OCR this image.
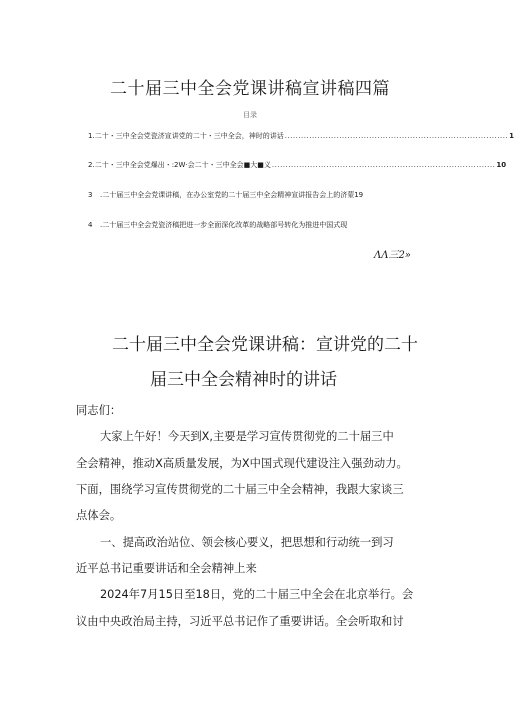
二十届三中全会党课讲稿宣讲稿四篇
目录
1 .二十・三中全会党瓷济宣讲党的二十・三中全会，神时的讲话 .................................................................................. 1
2 .二十・三中全会党爆出・:2W·会二十・三中全会■大■义 .................................................................................. 10
3	.二十届三中全会党课讲稿，在办公室党的二十届三中全会精神宣讲报告会上的济蒙19
4	.二十届三中全会党瓷济稿把进一步全面深化改革的战略部号转化为推进中国式现
ΛΛ三2»
二十届三中全会党课讲稿：宣讲党的二十
届三中全会精神时的讲话
同志们：
大家上午好！今天到X,主要是学习宣传贯彻党的二十届三中
全会精神，推动X高质量发展，为X中国式现代建设注入强劲动力。
下面，围绕学习宣传贯彻党的二十届三中全会精神，我跟大家谈三
点体会。
一、提高政治站位、领会核心要义，把思想和行动统一到习
近平总书记重要讲话和全会精神上来
2024年7月15日至18日，党的二十届三中全会在北京举行。会
议由中央政治局主持，习近平总书记作了重要讲话。全会听取和讨
